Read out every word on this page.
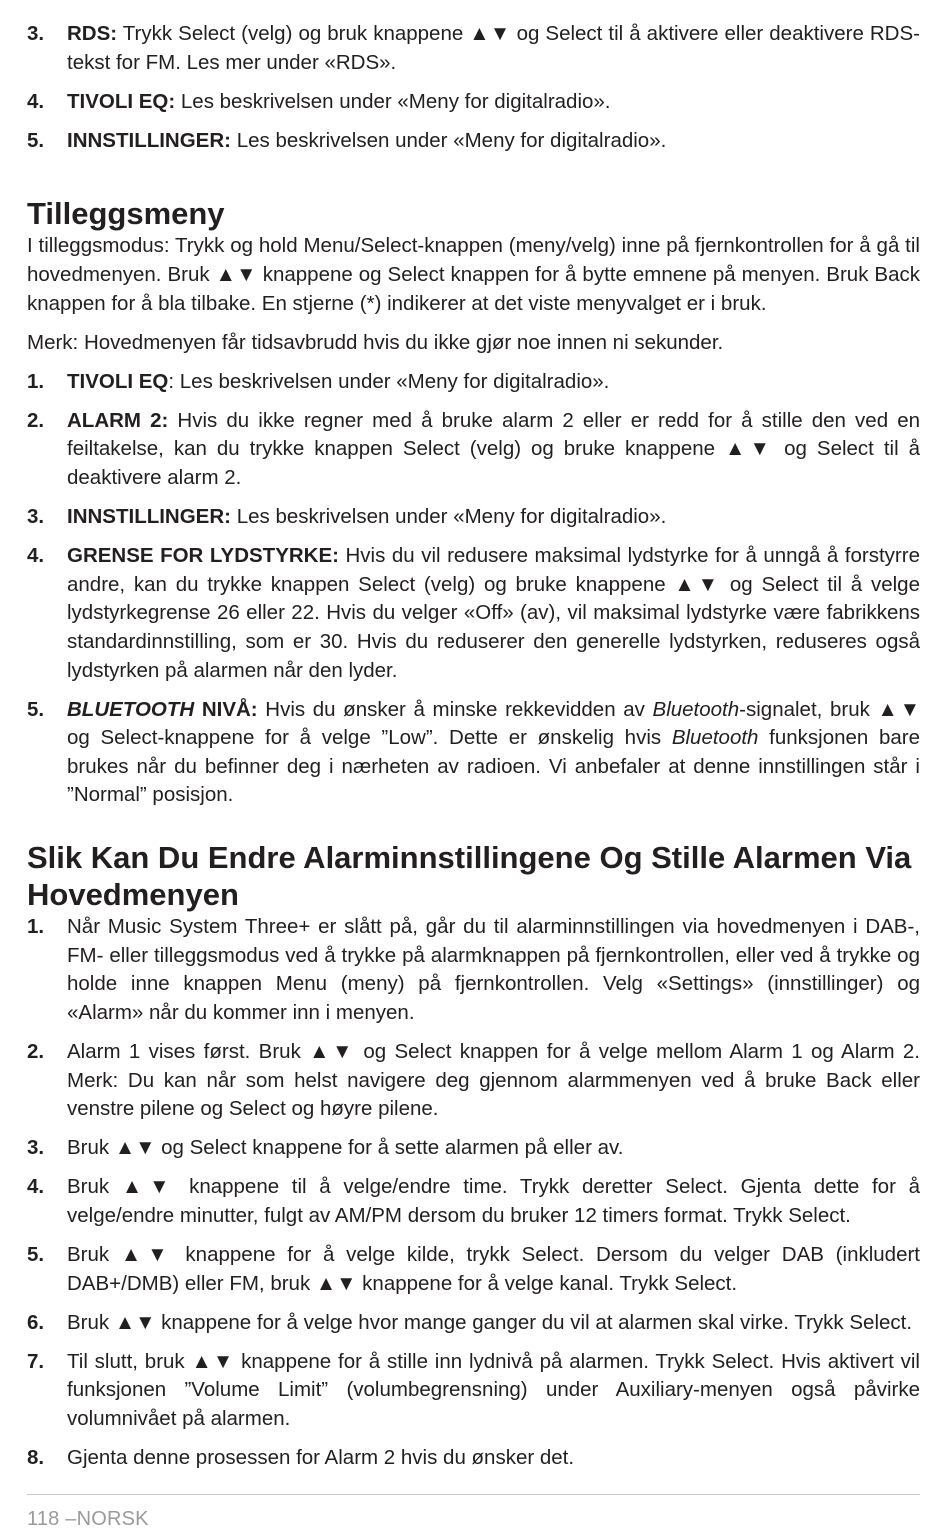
3. RDS: Trykk Select (velg) og bruk knappene ▲▼ og Select til å aktivere eller deaktivere RDS-tekst for FM. Les mer under «RDS».
4. TIVOLI EQ: Les beskrivelsen under «Meny for digitalradio».
5. INNSTILLINGER: Les beskrivelsen under «Meny for digitalradio».
Tilleggsmeny

I tilleggsmodus: Trykk og hold Menu/Select-knappen (meny/velg) inne på fjernkontrollen for å gå til hovedmenyen. Bruk ▲▼ knappene og Select knappen for å bytte emnene på menyen. Bruk Back knappen for å bla tilbake. En stjerne (*) indikerer at det viste menyvalget er i bruk.

Merk: Hovedmenyen får tidsavbrudd hvis du ikke gjør noe innen ni sekunder.

1. TIVOLI EQ: Les beskrivelsen under «Meny for digitalradio».
2. ALARM 2: Hvis du ikke regner med å bruke alarm 2 eller er redd for å stille den ved en feiltakelse, kan du trykke knappen Select (velg) og bruke knappene ▲▼ og Select til å deaktivere alarm 2.
3. INNSTILLINGER: Les beskrivelsen under «Meny for digitalradio».
4. GRENSE FOR LYDSTYRKE: Hvis du vil redusere maksimal lydstyrke for å unngå å forstyrre andre, kan du trykke knappen Select (velg) og bruke knappene ▲▼ og Select til å velge lydstyrkegrense 26 eller 22. Hvis du velger «Off» (av), vil maksimal lydstyrke være fabrikkens standardinnstilling, som er 30. Hvis du reduserer den generelle lydstyrken, reduseres også lydstyrken på alarmen når den lyder.
5. BLUETOOTH NIVÅ: Hvis du ønsker å minske rekkevidden av Bluetooth-signalet, bruk ▲▼ og Select-knappene for å velge ”Low”. Dette er ønskelig hvis Bluetooth funksjonen bare brukes når du befinner deg i nærheten av radioen. Vi anbefaler at denne innstillingen står i ”Normal” posisjon.
Slik Kan Du Endre Alarminnstillingene Og Stille Alarmen Via Hovedmenyen
1. Når Music System Three+ er slått på, går du til alarminnstillingen via hovedmenyen i DAB-, FM- eller tilleggsmodus ved å trykke på alarmknappen på fjernkontrollen, eller ved å trykke og holde inne knappen Menu (meny) på fjernkontrollen. Velg «Settings» (innstillinger) og «Alarm» når du kommer inn i menyen.
2. Alarm 1 vises først. Bruk ▲▼ og Select knappen for å velge mellom Alarm 1 og Alarm 2. Merk: Du kan når som helst navigere deg gjennom alarmmenyen ved å bruke Back eller venstre pilene og Select og høyre pilene.
3. Bruk ▲▼ og Select knappene for å sette alarmen på eller av.
4. Bruk ▲▼ knappene til å velge/endre time. Trykk deretter Select. Gjenta dette for å velge/endre minutter, fulgt av AM/PM dersom du bruker 12 timers format. Trykk Select.
5. Bruk ▲▼ knappene for å velge kilde, trykk Select. Dersom du velger DAB (inkludert DAB+/DMB) eller FM, bruk ▲▼ knappene for å velge kanal. Trykk Select.
6. Bruk ▲▼ knappene for å velge hvor mange ganger du vil at alarmen skal virke. Trykk Select.
7. Til slutt, bruk ▲▼ knappene for å stille inn lydnivå på alarmen. Trykk Select. Hvis aktivert vil funksjonen ”Volume Limit” (volumbegrensning) under Auxiliary-menyen også påvirke volumnivået på alarmen.
8. Gjenta denne prosessen for Alarm 2 hvis du ønsker det.
118 –NORSK
